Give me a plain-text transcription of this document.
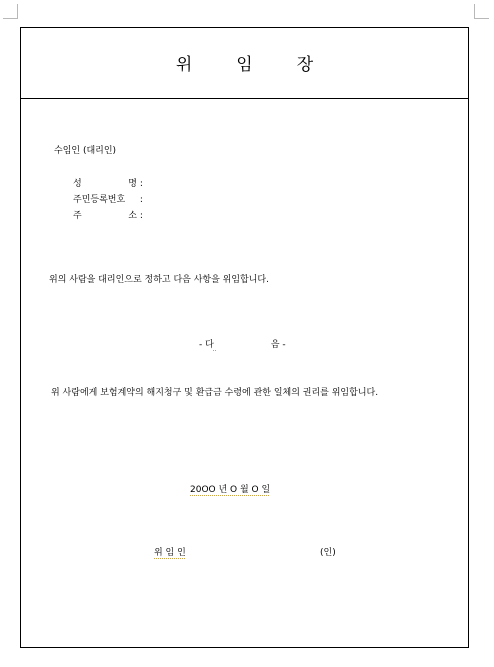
위	임	장
수임인 (대리인)
성 명 :
주민등록번호 :
주 소 :
위의 사람을 대리인으로 정하고 다음 사항을 위임합니다.
- 다	음 -
위 사람에게 보험계약의 해지청구 및 환급금 수령에 관한 일체의 권리를 위임합니다.
20OO 년 O 월 O 일
위 임 인	(인)
